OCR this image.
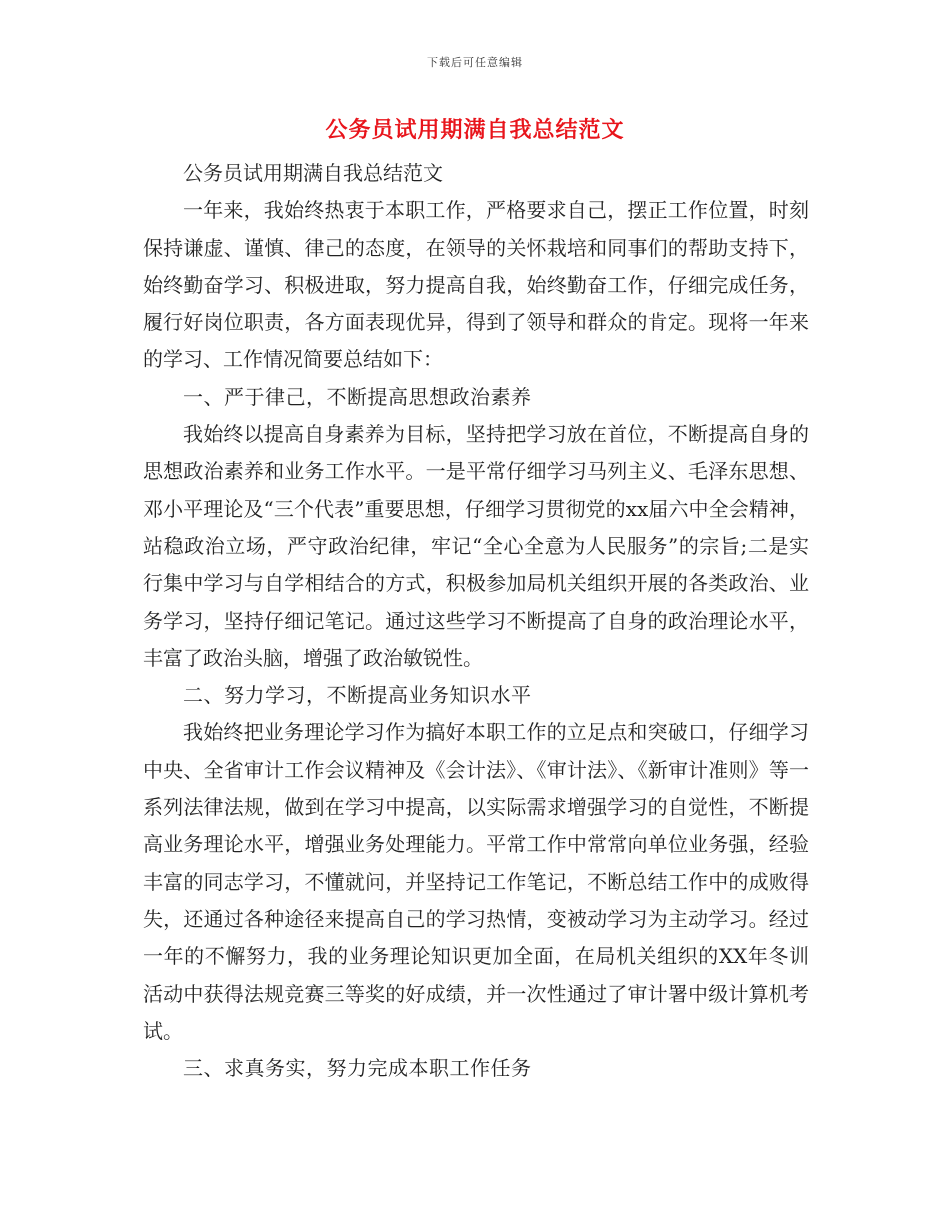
下载后可任意编辑
公务员试用期满自我总结范文

公务员试用期满自我总结范文

一年来，我始终热衷于本职工作，严格要求自己，摆正工作位置，时刻保持谦虚、谨慎、律己的态度，在领导的关怀栽培和同事们的帮助支持下，始终勤奋学习、积极进取，努力提高自我，始终勤奋工作，仔细完成任务，履行好岗位职责，各方面表现优异，得到了领导和群众的肯定。现将一年来的学习、工作情况简要总结如下：

一、严于律己，不断提高思想政治素养

我始终以提高自身素养为目标，坚持把学习放在首位，不断提高自身的思想政治素养和业务工作水平。一是平常仔细学习马列主义、毛泽东思想、邓小平理论及“三个代表”重要思想，仔细学习贯彻党的xx届六中全会精神，站稳政治立场，严守政治纪律，牢记“全心全意为人民服务”的宗旨;二是实行集中学习与自学相结合的方式，积极参加局机关组织开展的各类政治、业务学习，坚持仔细记笔记。通过这些学习不断提高了自身的政治理论水平，丰富了政治头脑，增强了政治敏锐性。

二、努力学习，不断提高业务知识水平

我始终把业务理论学习作为搞好本职工作的立足点和突破口，仔细学习中央、全省审计工作会议精神及《会计法》、《审计法》、《新审计准则》等一系列法律法规，做到在学习中提高，以实际需求增强学习的自觉性，不断提高业务理论水平，增强业务处理能力。平常工作中常常向单位业务强，经验丰富的同志学习，不懂就问，并坚持记工作笔记，不断总结工作中的成败得失，还通过各种途径来提高自己的学习热情，变被动学习为主动学习。经过一年的不懈努力，我的业务理论知识更加全面，在局机关组织的XX年冬训活动中获得法规竞赛三等奖的好成绩，并一次性通过了审计署中级计算机考试。

三、求真务实，努力完成本职工作任务
